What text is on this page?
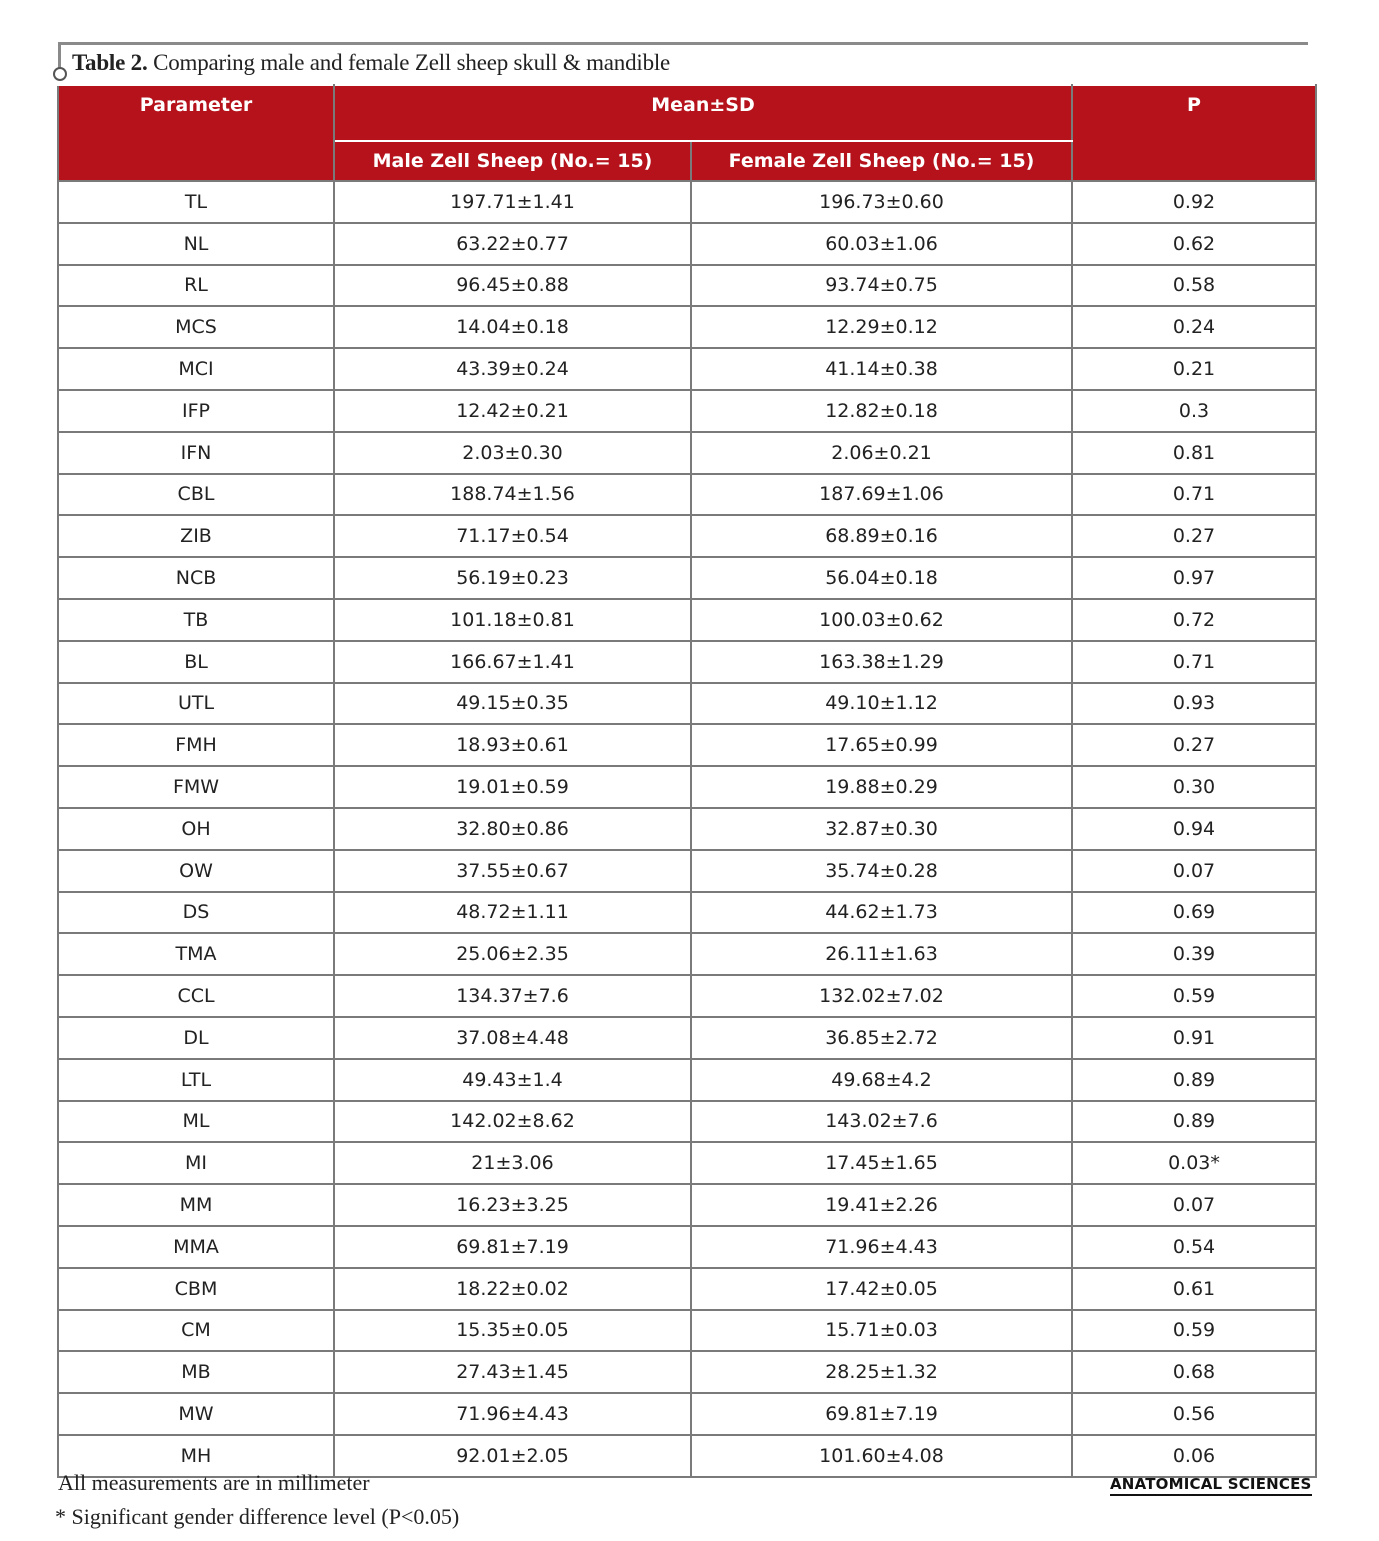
Table 2. Comparing male and female Zell sheep skull & mandible
Parameter	Mean±SD		P
	Male Zell Sheep (No.= 15)	Female Zell Sheep (No.= 15)	
TL	197.71±1.41	196.73±0.60	0.92
NL	63.22±0.77	60.03±1.06	0.62
RL	96.45±0.88	93.74±0.75	0.58
MCS	14.04±0.18	12.29±0.12	0.24
MCI	43.39±0.24	41.14±0.38	0.21
IFP	12.42±0.21	12.82±0.18	0.3
IFN	2.03±0.30	2.06±0.21	0.81
CBL	188.74±1.56	187.69±1.06	0.71
ZIB	71.17±0.54	68.89±0.16	0.27
NCB	56.19±0.23	56.04±0.18	0.97
TB	101.18±0.81	100.03±0.62	0.72
BL	166.67±1.41	163.38±1.29	0.71
UTL	49.15±0.35	49.10±1.12	0.93
FMH	18.93±0.61	17.65±0.99	0.27
FMW	19.01±0.59	19.88±0.29	0.30
OH	32.80±0.86	32.87±0.30	0.94
OW	37.55±0.67	35.74±0.28	0.07
DS	48.72±1.11	44.62±1.73	0.69
TMA	25.06±2.35	26.11±1.63	0.39
CCL	134.37±7.6	132.02±7.02	0.59
DL	37.08±4.48	36.85±2.72	0.91
LTL	49.43±1.4	49.68±4.2	0.89
ML	142.02±8.62	143.02±7.6	0.89
MI	21±3.06	17.45±1.65	0.03*
MM	16.23±3.25	19.41±2.26	0.07
MMA	69.81±7.19	71.96±4.43	0.54
CBM	18.22±0.02	17.42±0.05	0.61
CM	15.35±0.05	15.71±0.03	0.59
MB	27.43±1.45	28.25±1.32	0.68
MW	71.96±4.43	69.81±7.19	0.56
MH	92.01±2.05	101.60±4.08	0.06
All measurements are in millimeter
* Significant gender difference level (P<0.05)
ANATOMICAL SCIENCES
